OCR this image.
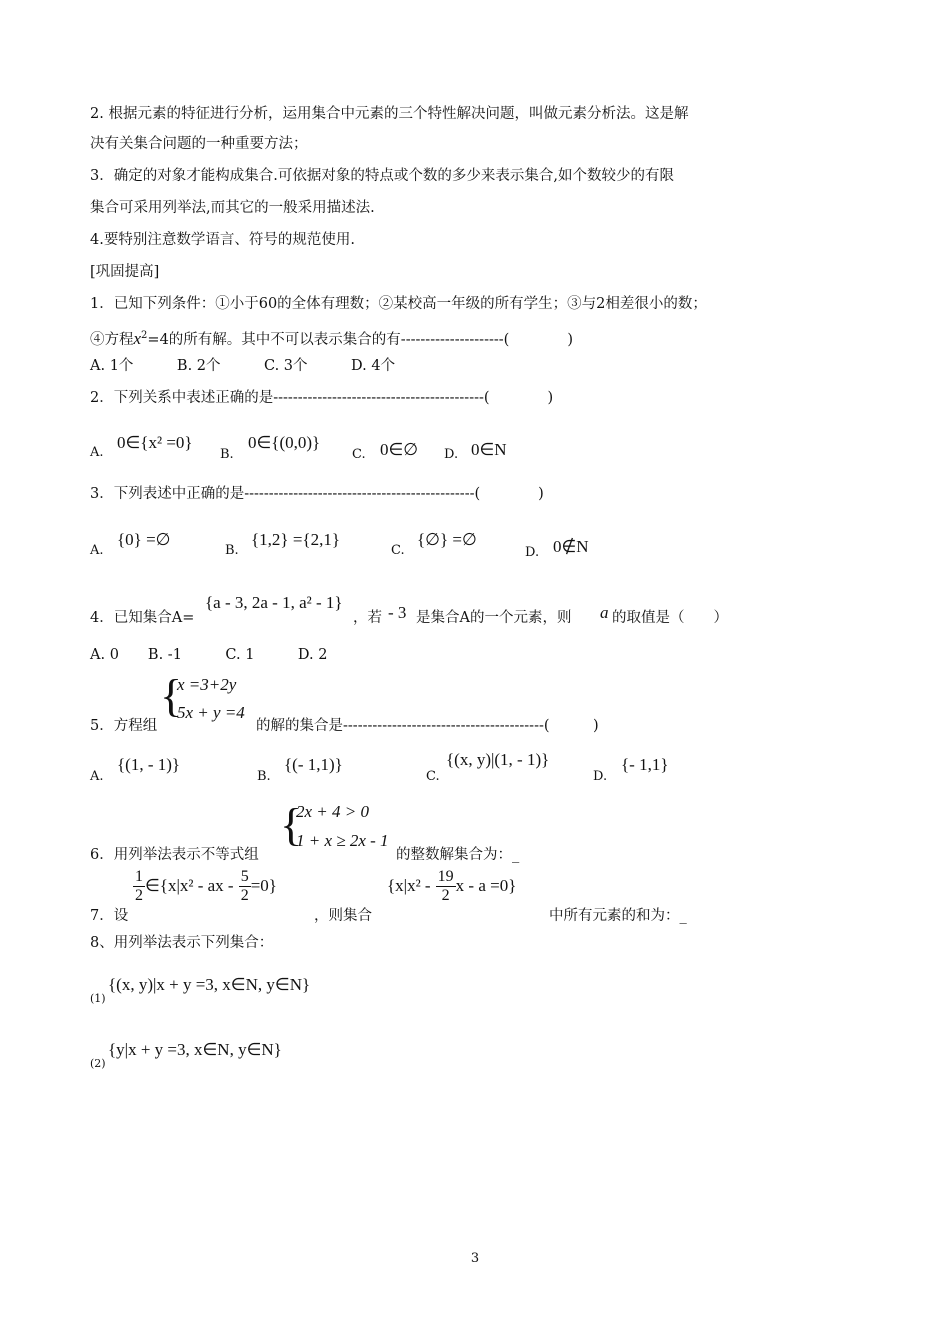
2. 根据元素的特征进行分析，运用集合中元素的三个特性解决问题，叫做元素分析法。这是解
决有关集合问题的一种重要方法；
3．确定的对象才能构成集合.可依据对象的特点或个数的多少来表示集合,如个数较少的有限
集合可采用列举法,而其它的一般采用描述法.
4.要特别注意数学语言、符号的规范使用.
[巩固提高]
1．已知下列条件：①小于60的全体有理数；②某校高一年级的所有学生；③与2相差很小的数；
④方程$x^2=4$的所有解。其中不可以表示集合的有---------------------(　　　　)
A. 1个　　　B. 2个　　　C. 3个　　　D. 4个
2．下列关系中表述正确的是-------------------------------------------(　　　　)
A.
0∈{x² =0}
B.
0∈{(0,0)}
C. 0∈∅ D. 0∈N
3．下列表述中正确的是-----------------------------------------------(　　　　)
A.
{0} =∅
B.
{1,2} ={2,1}
C.
{∅} =∅
D. 0∉N
4．已知集合A=
{a - 3, 2a - 1, a² - 1}
，若 - 3 是集合A的一个元素，则 a 的取值是（　　）
A. 0　　B. -1　　　C. 1　　　D. 2
5．方程组
{
x =3+2y
5x + y =4
的解的集合是-----------------------------------------(　　　)
A.
{(1, - 1)}
B.
{(- 1,1)}
C.
{(x, y)|(1, - 1)}
D.
{- 1,1}
6．用列举法表示不等式组
{
2x + 4 > 0
1 + x ≥ 2x - 1
的整数解集合为：_
7．设
$\frac{1}{2}$ ∈{x|x² - ax - $\frac{5}{2} =0$}
，则集合
{$x|x^2 - \frac{19}{2}$ x - a =0}
中所有元素的和为：_
8、用列举法表示下列集合：
(1)
{(x, y)|x + y =3, x∈N, y∈N}
(2)
{y|x + y =3, x∈N, y∈N}
3
